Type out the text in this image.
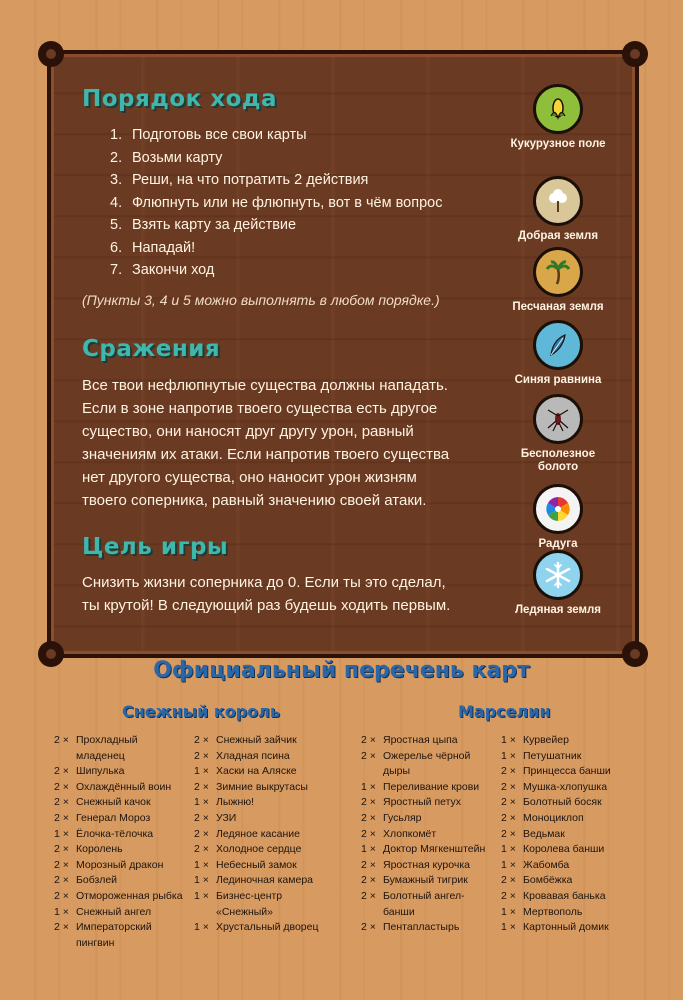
Порядок хода
1. Подготовь все свои карты
2. Возьми карту
3. Реши, на что потратить 2 действия
4. Флюпнуть или не флюпнуть, вот в чём вопрос
5. Взять карту за действие
6. Нападай!
7. Закончи ход
(Пункты 3, 4 и 5 можно выполнять в любом порядке.)
Сражения
Все твои нефлюпнутые существа должны нападать.
Если в зоне напротив твоего существа есть другое
существо, они наносят друг другу урон, равный
значениям их атаки. Если напротив твоего существа
нет другого существа, оно наносит урон жизням
твоего соперника, равный значению своей атаки.
Цель игры
Снизить жизни соперника до 0. Если ты это сделал,
ты крутой! В следующий раз будешь ходить первым.
Кукурузное поле
Добрая земля
Песчаная земля
Синяя равнина
Бесполезное болото
Радуга
Ледяная земля
Официальный перечень карт
Снежный король	Марселин
2 × Прохладный младенец
2 × Шипулька
2 × Охлаждённый воин
2 × Снежный качок
2 × Генерал Мороз
1 × Ёлочка-тёлочка
2 × Королень
2 × Морозный дракон
2 × Бобзлей
2 × Отмороженная рыбка
1 × Снежный ангел
2 × Императорский пингвин
2 × Снежный зайчик
2 × Хладная псина
1 × Хаски на Аляске
2 × Зимние выкрутасы
1 × Лыжню!
2 × УЗИ
2 × Ледяное касание
2 × Холодное сердце
1 × Небесный замок
1 × Лединочная камера
1 × Бизнес-центр «Снежный»
1 × Хрустальный дворец
2 × Яростная цыпа
2 × Ожерелье чёрной дыры
1 × Переливание крови
2 × Яростный петух
2 × Гусьляр
2 × Хлопкомёт
1 × Доктор Мягкенштейн
2 × Яростная курочка
2 × Бумажный тигрик
2 × Болотный ангел-банши
2 × Пентапластырь
1 × Курвейер
1 × Петушатник
2 × Принцесса банши
2 × Мушка-хлопушка
2 × Болотный босяк
2 × Моноциклоп
2 × Ведьмак
1 × Королева банши
1 × Жабомба
2 × Бомбёжка
2 × Кровавая банька
1 × Мертвополь
1 × Картонный домик
